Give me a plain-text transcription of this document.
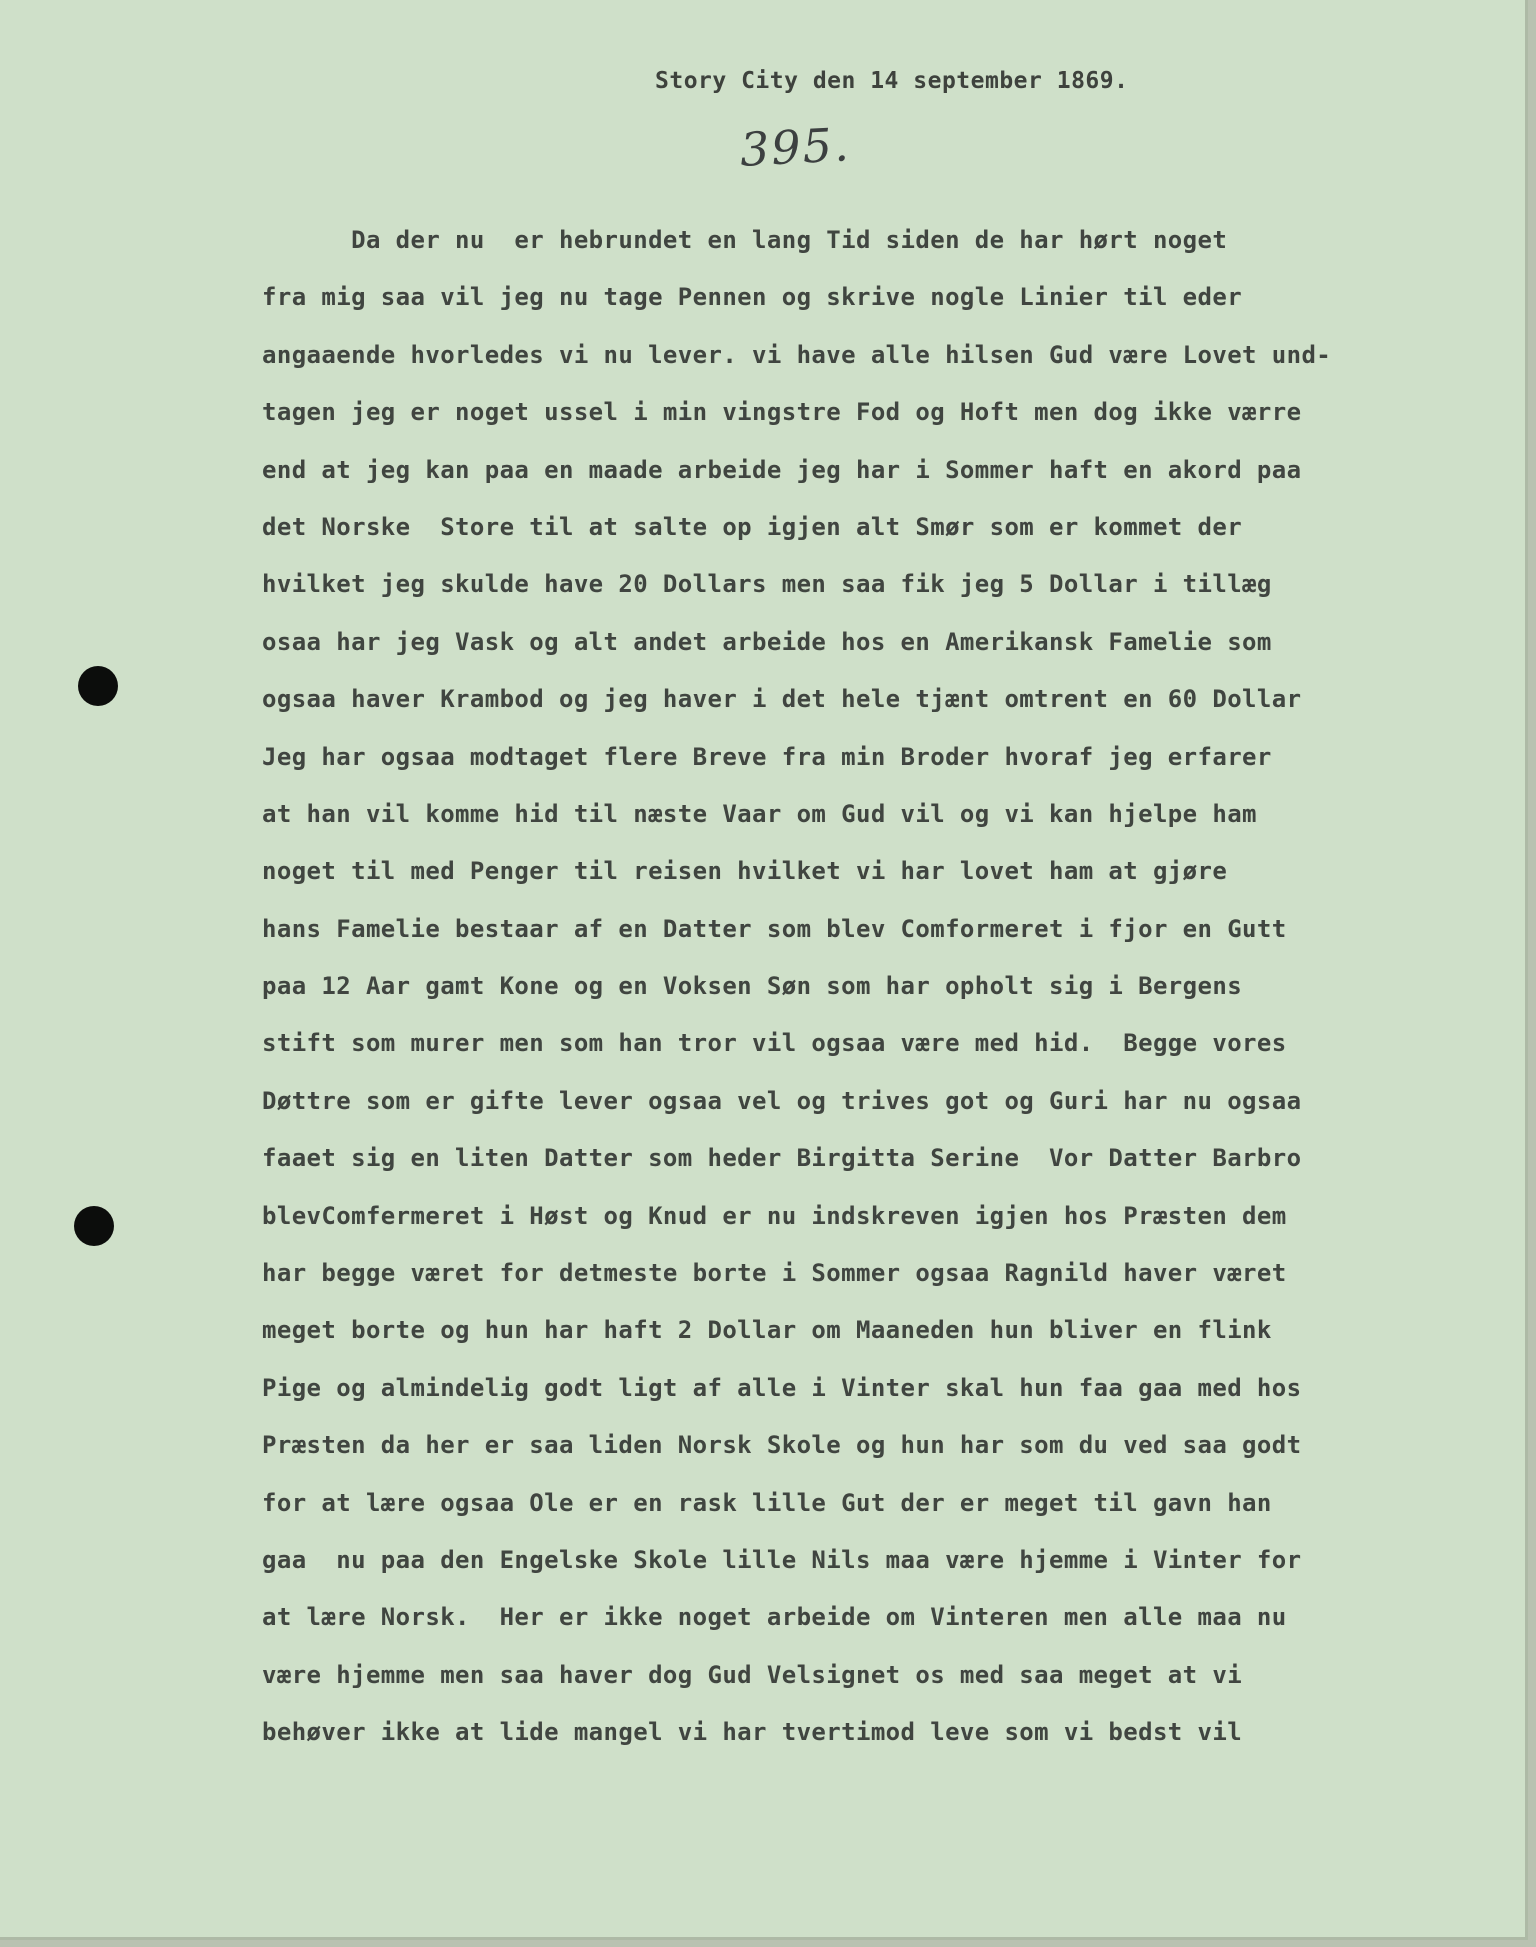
Story City den 14 september 1869.
395.
Da der nu  er hebrundet en lang Tid siden de har hørt noget
fra mig saa vil jeg nu tage Pennen og skrive nogle Linier til eder
angaaende hvorledes vi nu lever. vi have alle hilsen Gud være Lovet und-
tagen jeg er noget ussel i min vingstre Fod og Hoft men dog ikke værre
end at jeg kan paa en maade arbeide jeg har i Sommer haft en akord paa
det Norske  Store til at salte op igjen alt Smør som er kommet der
hvilket jeg skulde have 20 Dollars men saa fik jeg 5 Dollar i tillæg
osaa har jeg Vask og alt andet arbeide hos en Amerikansk Famelie som
ogsaa haver Krambod og jeg haver i det hele tjænt omtrent en 60 Dollar
Jeg har ogsaa modtaget flere Breve fra min Broder hvoraf jeg erfarer
at han vil komme hid til næste Vaar om Gud vil og vi kan hjelpe ham
noget til med Penger til reisen hvilket vi har lovet ham at gjøre
hans Famelie bestaar af en Datter som blev Comformeret i fjor en Gutt
paa 12 Aar gamt Kone og en Voksen Søn som har opholt sig i Bergens
stift som murer men som han tror vil ogsaa være med hid.  Begge vores
Døttre som er gifte lever ogsaa vel og trives got og Guri har nu ogsaa
faaet sig en liten Datter som heder Birgitta Serine  Vor Datter Barbro
blevComfermeret i Høst og Knud er nu indskreven igjen hos Præsten dem
har begge været for detmeste borte i Sommer ogsaa Ragnild haver været
meget borte og hun har haft 2 Dollar om Maaneden hun bliver en flink
Pige og almindelig godt ligt af alle i Vinter skal hun faa gaa med hos
Præsten da her er saa liden Norsk Skole og hun har som du ved saa godt
for at lære ogsaa Ole er en rask lille Gut der er meget til gavn han
gaa  nu paa den Engelske Skole lille Nils maa være hjemme i Vinter for
at lære Norsk.  Her er ikke noget arbeide om Vinteren men alle maa nu
være hjemme men saa haver dog Gud Velsignet os med saa meget at vi
behøver ikke at lide mangel vi har tvertimod leve som vi bedst vil
